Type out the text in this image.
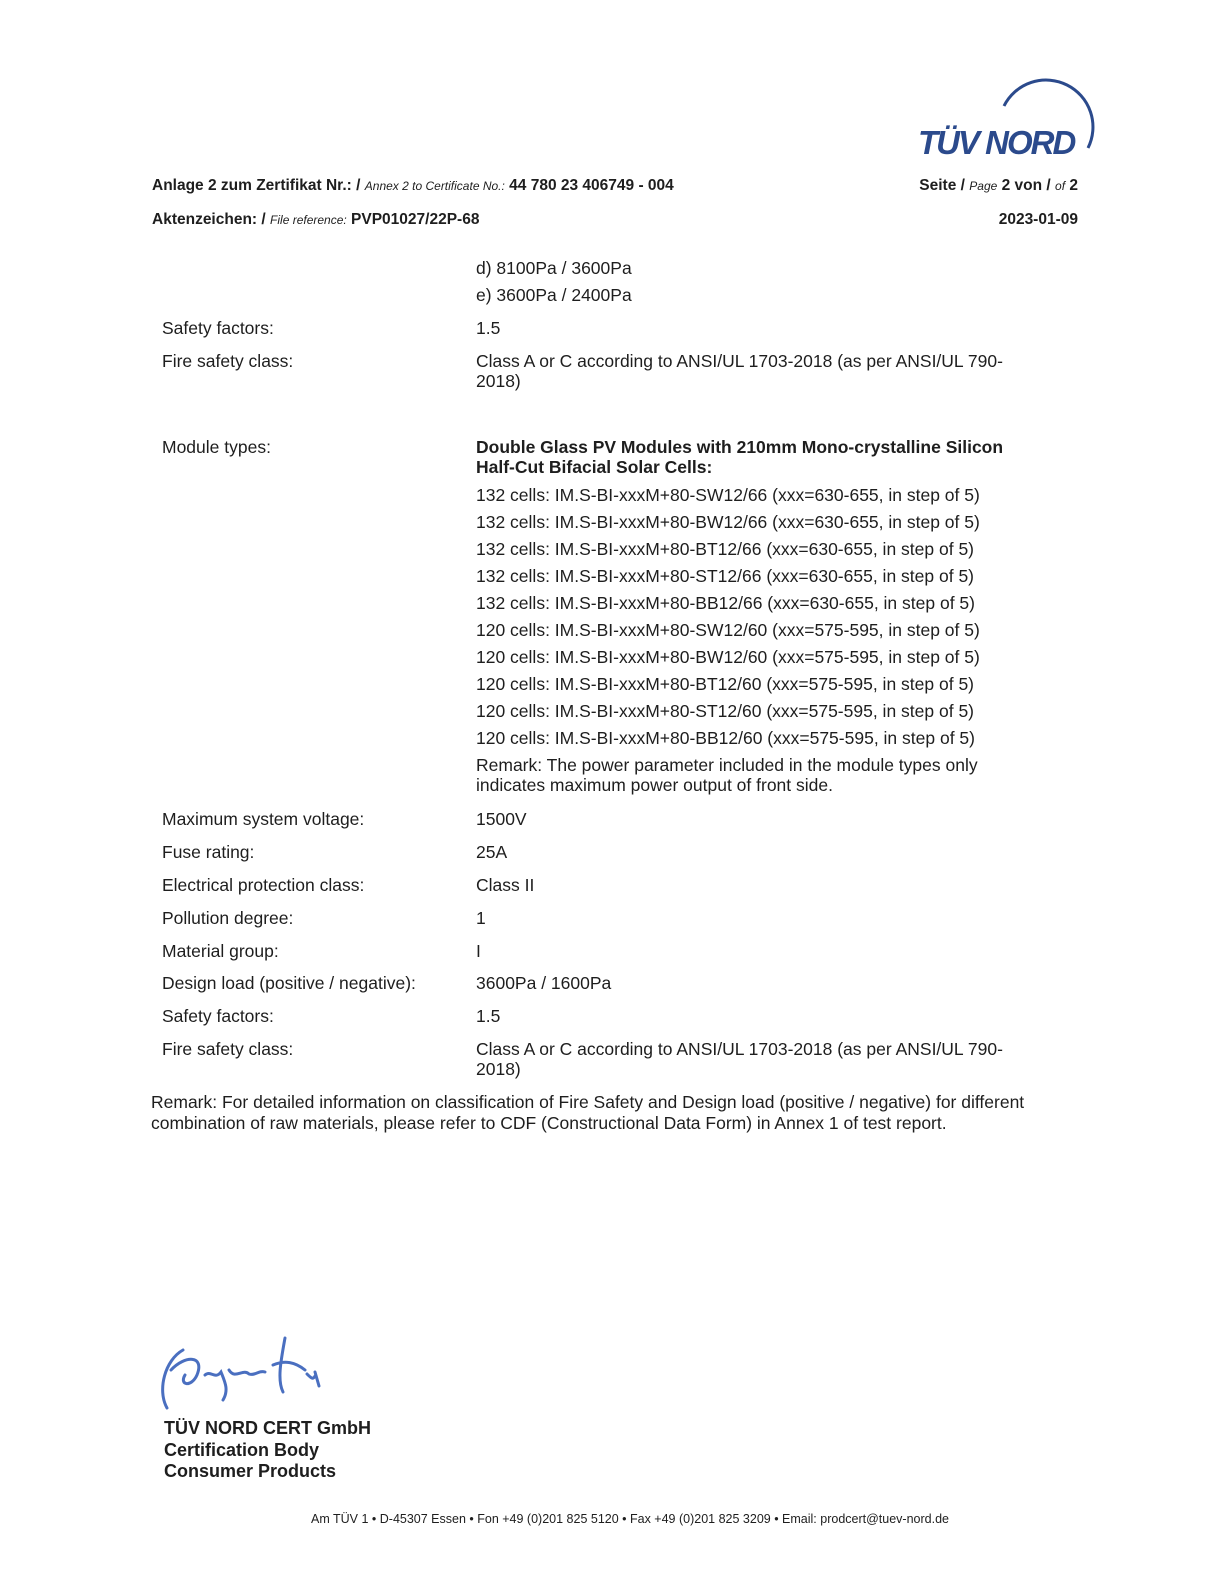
TÜV NORD
Anlage 2 zum Zertifikat Nr.: / Annex 2 to Certificate No.: 44 780 23 406749 - 004
Aktenzeichen: / File reference: PVP01027/22P-68
Seite / Page 2 von / of 2
2023-01-09
d) 8100Pa / 3600Pa
e) 3600Pa / 2400Pa
Safety factors:	1.5
Fire safety class:	Class A or C according to ANSI/UL 1703-2018 (as per ANSI/UL 790-2018)
Module types:	Double Glass PV Modules with 210mm Mono-crystalline Silicon Half-Cut Bifacial Solar Cells:
132 cells: IM.S-BI-xxxM+80-SW12/66 (xxx=630-655, in step of 5)
132 cells: IM.S-BI-xxxM+80-BW12/66 (xxx=630-655, in step of 5)
132 cells: IM.S-BI-xxxM+80-BT12/66 (xxx=630-655, in step of 5)
132 cells: IM.S-BI-xxxM+80-ST12/66 (xxx=630-655, in step of 5)
132 cells: IM.S-BI-xxxM+80-BB12/66 (xxx=630-655, in step of 5)
120 cells: IM.S-BI-xxxM+80-SW12/60 (xxx=575-595, in step of 5)
120 cells: IM.S-BI-xxxM+80-BW12/60 (xxx=575-595, in step of 5)
120 cells: IM.S-BI-xxxM+80-BT12/60 (xxx=575-595, in step of 5)
120 cells: IM.S-BI-xxxM+80-ST12/60 (xxx=575-595, in step of 5)
120 cells: IM.S-BI-xxxM+80-BB12/60 (xxx=575-595, in step of 5)
Remark: The power parameter included in the module types only indicates maximum power output of front side.
Maximum system voltage:	1500V
Fuse rating:	25A
Electrical protection class:	Class II
Pollution degree:	1
Material group:	I
Design load (positive / negative):	3600Pa / 1600Pa
Safety factors:	1.5
Fire safety class:	Class A or C according to ANSI/UL 1703-2018 (as per ANSI/UL 790-2018)
Remark: For detailed information on classification of Fire Safety and Design load (positive / negative) for different combination of raw materials, please refer to CDF (Constructional Data Form) in Annex 1 of test report.
TÜV NORD CERT GmbH
Certification Body
Consumer Products
Am TÜV 1 • D-45307 Essen • Fon +49 (0)201 825 5120 • Fax +49 (0)201 825 3209 • Email: prodcert@tuev-nord.de
